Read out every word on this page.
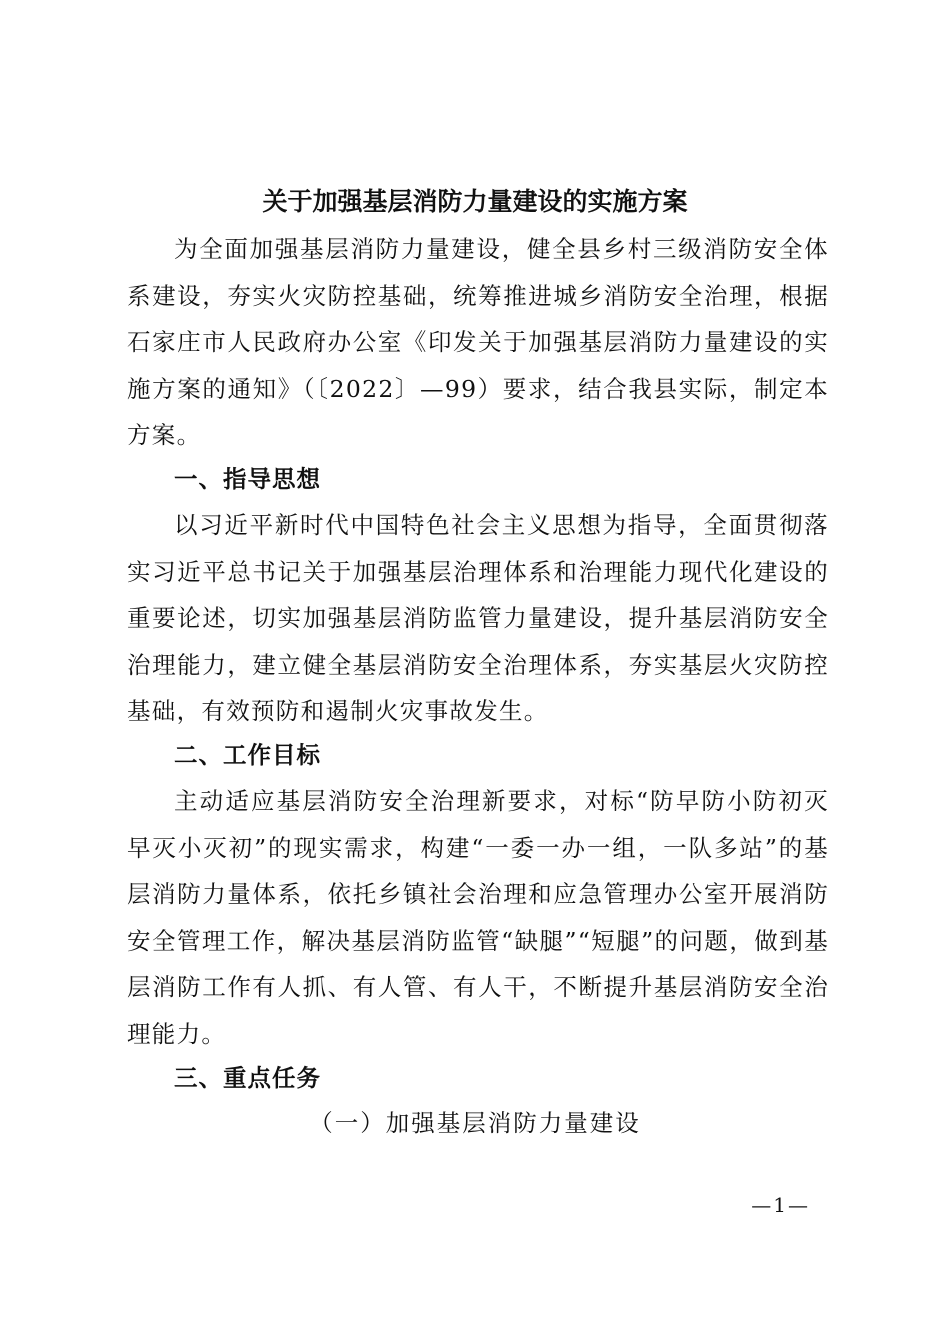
关于加强基层消防力量建设的实施方案
为全面加强基层消防力量建设，健全县乡村三级消防安全体系建设，夯实火灾防控基础，统筹推进城乡消防安全治理，根据石家庄市人民政府办公室《印发关于加强基层消防力量建设的实施方案的通知》（〔2022〕—99）要求，结合我县实际，制定本方案。
一、指导思想
以习近平新时代中国特色社会主义思想为指导，全面贯彻落实习近平总书记关于加强基层治理体系和治理能力现代化建设的重要论述，切实加强基层消防监管力量建设，提升基层消防安全治理能力，建立健全基层消防安全治理体系，夯实基层火灾防控基础，有效预防和遏制火灾事故发生。
二、工作目标
主动适应基层消防安全治理新要求，对标“防早防小防初灭早灭小灭初”的现实需求，构建“一委一办一组，一队多站”的基层消防力量体系，依托乡镇社会治理和应急管理办公室开展消防安全管理工作，解决基层消防监管“缺腿”“短腿”的问题，做到基层消防工作有人抓、有人管、有人干，不断提升基层消防安全治理能力。
三、重点任务
（一）加强基层消防力量建设
—1—
